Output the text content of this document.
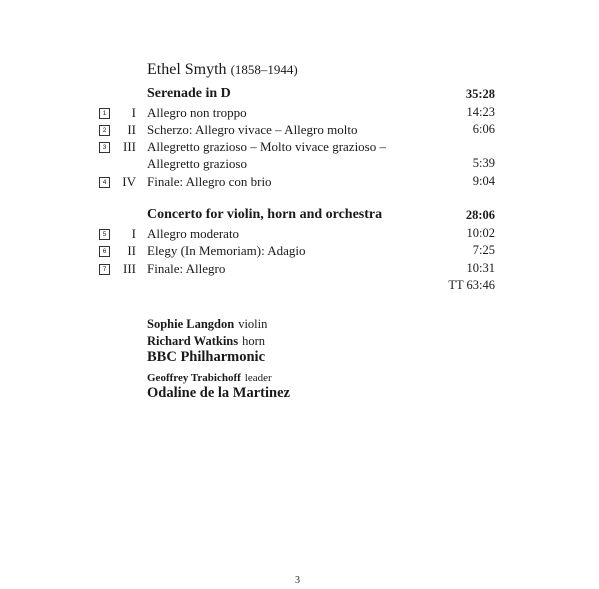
Ethel Smyth (1858–1944)
Serenade in D	35:28
1	I Allegro non troppo	14:23
2	II Scherzo: Allegro vivace – Allegro molto	6:06
3	III Allegretto grazioso – Molto vivace grazioso –
Allegretto grazioso	5:39
4	IV Finale: Allegro con brio	9:04
Concerto for violin, horn and orchestra	28:06
5	I Allegro moderato	10:02
6	II Elegy (In Memoriam): Adagio	7:25
7	III Finale: Allegro	10:31
TT 63:46
Sophie Langdon violin
Richard Watkins horn
BBC Philharmonic
Geoffrey Trabichoff leader
Odaline de la Martinez
3
